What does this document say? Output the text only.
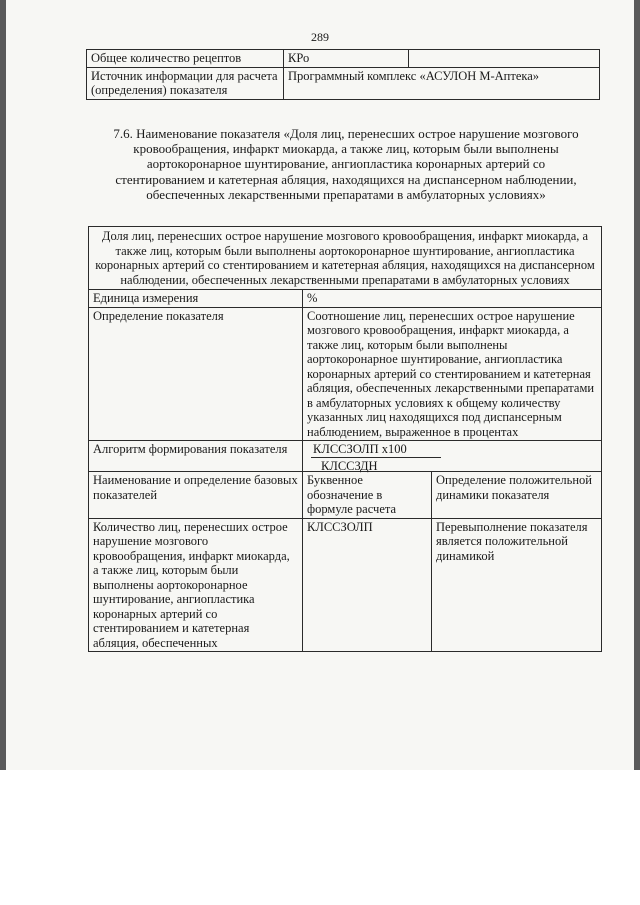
289
Общее количество рецептов	КРо	
Источник информации для расчета (определения) показателя	Программный комплекс «АСУЛОН М-Аптека»	
7.6. Наименование показателя «Доля лиц, перенесших острое нарушение мозгового кровообращения, инфаркт миокарда, а также лиц, которым были выполнены аортокоронарное шунтирование, ангиопластика коронарных артерий со стентированием и катетерная абляция, находящихся на диспансерном наблюдении, обеспеченных лекарственными препаратами в амбулаторных условиях»
Доля лиц, перенесших острое нарушение мозгового кровообращения, инфаркт миокарда, а также лиц, которым были выполнены аортокоронарное шунтирование, ангиопластика коронарных артерий со стентированием и катетерная абляция, находящихся на диспансерном наблюдении, обеспеченных лекарственными препаратами в амбулаторных условиях		
Единица измерения	%	
Определение показателя	Соотношение лиц, перенесших острое нарушение мозгового кровообращения, инфаркт миокарда, а также лиц, которым были выполнены аортокоронарное шунтирование, ангиопластика коронарных артерий со стентированием и катетерная абляция, обеспеченных лекарственными препаратами в амбулаторных условиях к общему количеству указанных лиц находящихся под диспансерным наблюдением, выраженное в процентах	
Алгоритм формирования показателя	КЛССЗОЛП х100
КЛССЗДН	

Наименование и определение базовых показателей	Буквенное обозначение в формуле расчета	Определение положительной динамики показателя
Количество лиц, перенесших острое нарушение мозгового кровообращения, инфаркт миокарда, а также лиц, которым были выполнены аортокоронарное шунтирование, ангиопластика коронарных артерий со стентированием и катетерная абляция, обеспеченных	КЛССЗОЛП	Перевыполнение показателя является положительной динамикой
